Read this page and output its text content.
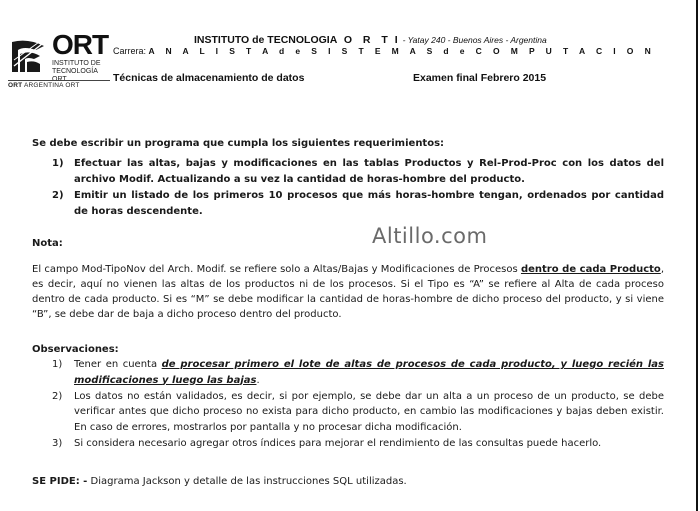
ORT
INSTITUTO DE TECNOLOGÍA ORT
ORT ARGENTINA ORT
INSTITUTO de TECNOLOGIA O R T I - Yatay 240 - Buenos Aires - Argentina
Carrera: A N A L I S T A d e S I S T E M A S d e C O M P U T A C I O N
Técnicas de almacenamiento de datos	Examen final Febrero 2015
Se debe escribir un programa que cumpla los siguientes requerimientos:
1)	Efectuar las altas, bajas y modificaciones en las tablas Productos y Rel-Prod-Proc con los datos del archivo Modif. Actualizando a su vez la cantidad de horas-hombre del producto.
2)	Emitir un listado de los primeros 10 procesos que más horas-hombre tengan, ordenados por cantidad de horas descendente.
Altillo.com
Nota:
El campo Mod-TipoNov del Arch. Modif. se refiere solo a Altas/Bajas y Modificaciones de Procesos dentro de cada Producto, es decir, aquí no vienen las altas de los productos ni de los procesos. Si el Tipo es “A” se refiere al Alta de cada proceso dentro de cada producto. Si es “M” se debe modificar la cantidad de horas-hombre de dicho proceso del producto, y si viene “B”, se debe dar de baja a dicho proceso dentro del producto.
Observaciones:
1)	Tener en cuenta de procesar primero el lote de altas de procesos de cada producto, y luego recién las modificaciones y luego las bajas.
2)	Los datos no están validados, es decir, si por ejemplo, se debe dar un alta a un proceso de un producto, se debe verificar antes que dicho proceso no exista para dicho producto, en cambio las modificaciones y bajas deben existir. En caso de errores, mostrarlos por pantalla y no procesar dicha modificación.
3)	Si considera necesario agregar otros índices para mejorar el rendimiento de las consultas puede hacerlo.
SE PIDE: - Diagrama Jackson y detalle de las instrucciones SQL utilizadas.
